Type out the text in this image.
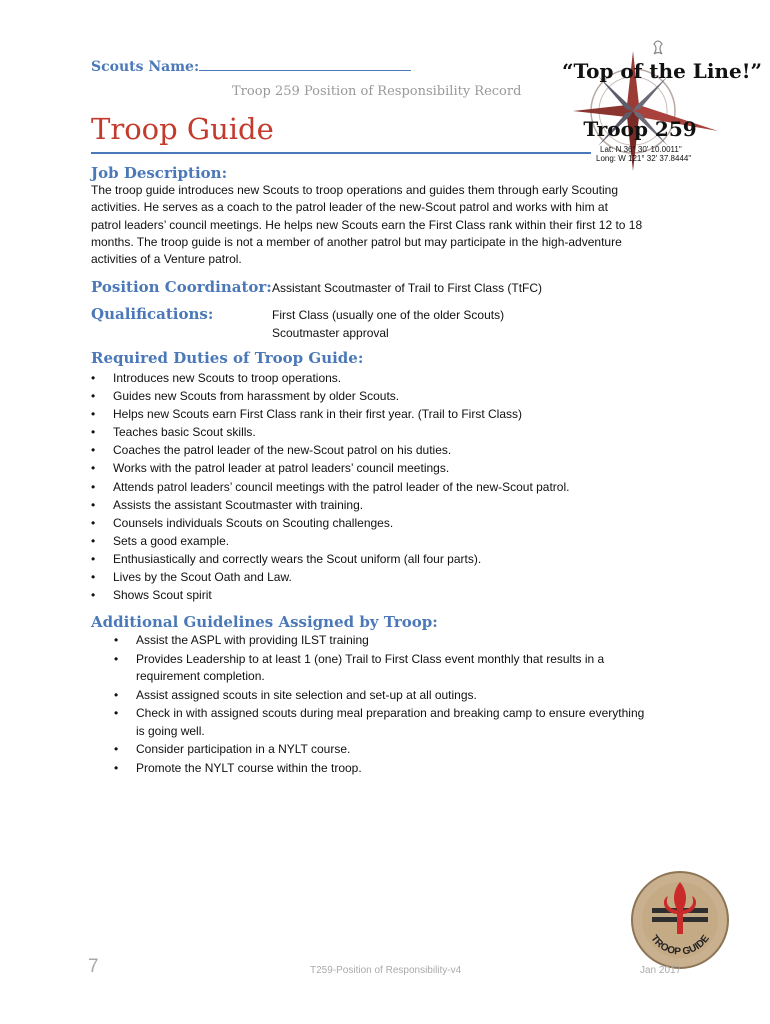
Scouts Name:
Troop 259 Position of Responsibility Record
Troop Guide
“Top of the Line!”
Troop 259
Lat: N 36° 30' 10.0011"
Long: W 121° 32' 37.8444"
Job Description:
The troop guide introduces new Scouts to troop operations and guides them through early Scouting
activities. He serves as a coach to the patrol leader of the new-Scout patrol and works with him at
patrol leaders’ council meetings. He helps new Scouts earn the First Class rank within their first 12 to 18
months. The troop guide is not a member of another patrol but may participate in the high-adventure
activities of a Venture patrol.
Position Coordinator: Assistant Scoutmaster of Trail to First Class (TtFC)
Qualifications:	First Class (usually one of the older Scouts)
Scoutmaster approval
Required Duties of Troop Guide:
• Introduces new Scouts to troop operations.
• Guides new Scouts from harassment by older Scouts.
• Helps new Scouts earn First Class rank in their first year. (Trail to First Class)
• Teaches basic Scout skills.
• Coaches the patrol leader of the new-Scout patrol on his duties.
• Works with the patrol leader at patrol leaders’ council meetings.
• Attends patrol leaders’ council meetings with the patrol leader of the new-Scout patrol.
• Assists the assistant Scoutmaster with training.
• Counsels individuals Scouts on Scouting challenges.
• Sets a good example.
• Enthusiastically and correctly wears the Scout uniform (all four parts).
• Lives by the Scout Oath and Law.
• Shows Scout spirit
Additional Guidelines Assigned by Troop:
• Assist the ASPL with providing ILST training
• Provides Leadership to at least 1 (one) Trail to First Class event monthly that results in a
requirement completion.
• Assist assigned scouts in site selection and set-up at all outings.
• Check in with assigned scouts during meal preparation and breaking camp to ensure everything
is going well.
• Consider participation in a NYLT course.
• Promote the NYLT course within the troop.
TROOP GUIDE
7	T259-Position of Responsibility-v4	Jan 2017
